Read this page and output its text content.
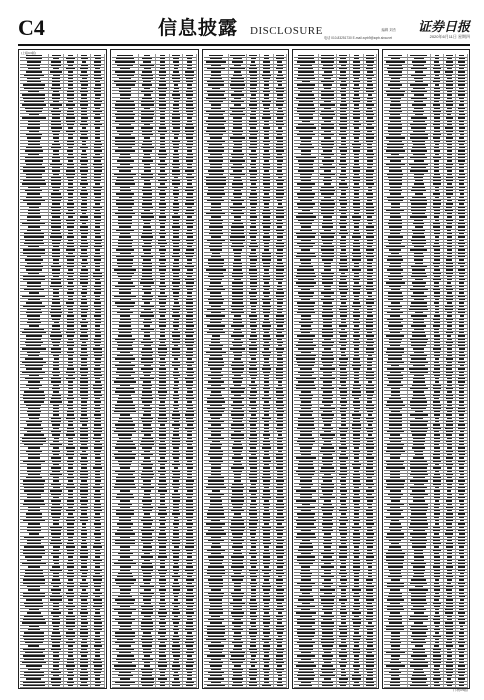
C4	信息披露 DISCLOSURE	编辑 刘杰
电话 010-83251730 E-mail zqrb9@zqrb.sina.net
证券日报
2020年6月11日 星期四
(上接C3版)
(下转C5版)
